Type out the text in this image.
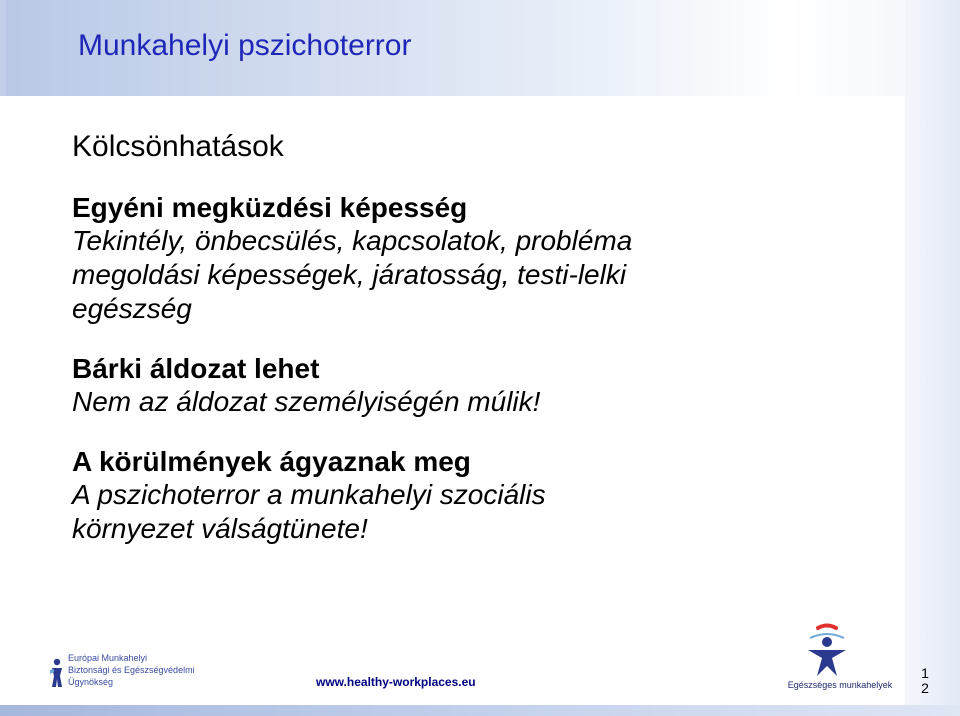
Munkahelyi pszichoterror
Kölcsönhatások
Egyéni megküzdési képesség
Tekintély, önbecsülés, kapcsolatok, probléma
megoldási képességek, járatosság, testi-lelki
egészség
Bárki áldozat lehet
Nem az áldozat személyiségén múlik!
A körülmények ágyaznak meg
A pszichoterror a munkahelyi szociális
környezet válságtünete!
Európai Munkahelyi
Biztonsági és Egészségvédelmi
Ügynökség	www.healthy-workplaces.eu	Egészséges munkahelyek
1
2
